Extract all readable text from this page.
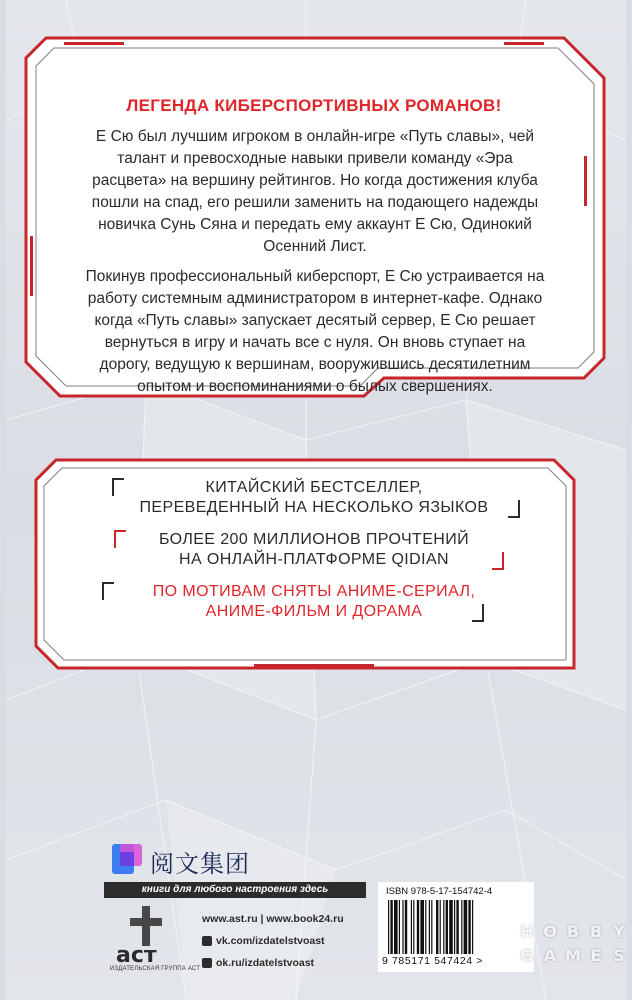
ЛЕГЕНДА КИБЕРСПОРТИВНЫХ РОМАНОВ!

Е Сю был лучшим игроком в онлайн-игре «Путь славы», чей талант и превосходные навыки привели команду «Эра расцвета» на вершину рейтингов. Но когда достижения клуба пошли на спад, его решили заменить на подающего надежды новичка Сунь Сяна и передать ему аккаунт Е Сю, Одинокий Осенний Лист.

Покинув профессиональный киберспорт, Е Сю устраивается на работу системным администратором в интернет-кафе. Однако когда «Путь славы» запускает десятый сервер, Е Сю решает вернуться в игру и начать все с нуля. Он вновь ступает на дорогу, ведущую к вершинам, вооружившись десятилетним опытом и воспоминаниями о былых свершениях.

КИТАЙСКИЙ БЕСТСЕЛЛЕР,
ПЕРЕВЕДЕННЫЙ НА НЕСКОЛЬКО ЯЗЫКОВ
БОЛЕЕ 200 МИЛЛИОНОВ ПРОЧТЕНИЙ
НА ОНЛАЙН-ПЛАТФОРМЕ QIDIAN
ПО МОТИВАМ СНЯТЫ АНИМЕ-СЕРИАЛ,
АНИМЕ-ФИЛЬМ И ДОРАМА
阅文集团
книги для любого настроения здесь
аст
ИЗДАТЕЛЬСКАЯ ГРУППА АСТ
www.ast.ru | www.book24.ru
vk.com/izdatelstvoast
ok.ru/izdatelstvoast
ISBN 978-5-17-154742-4
9 785171 547424 >
H O B B Y
G A M E S
